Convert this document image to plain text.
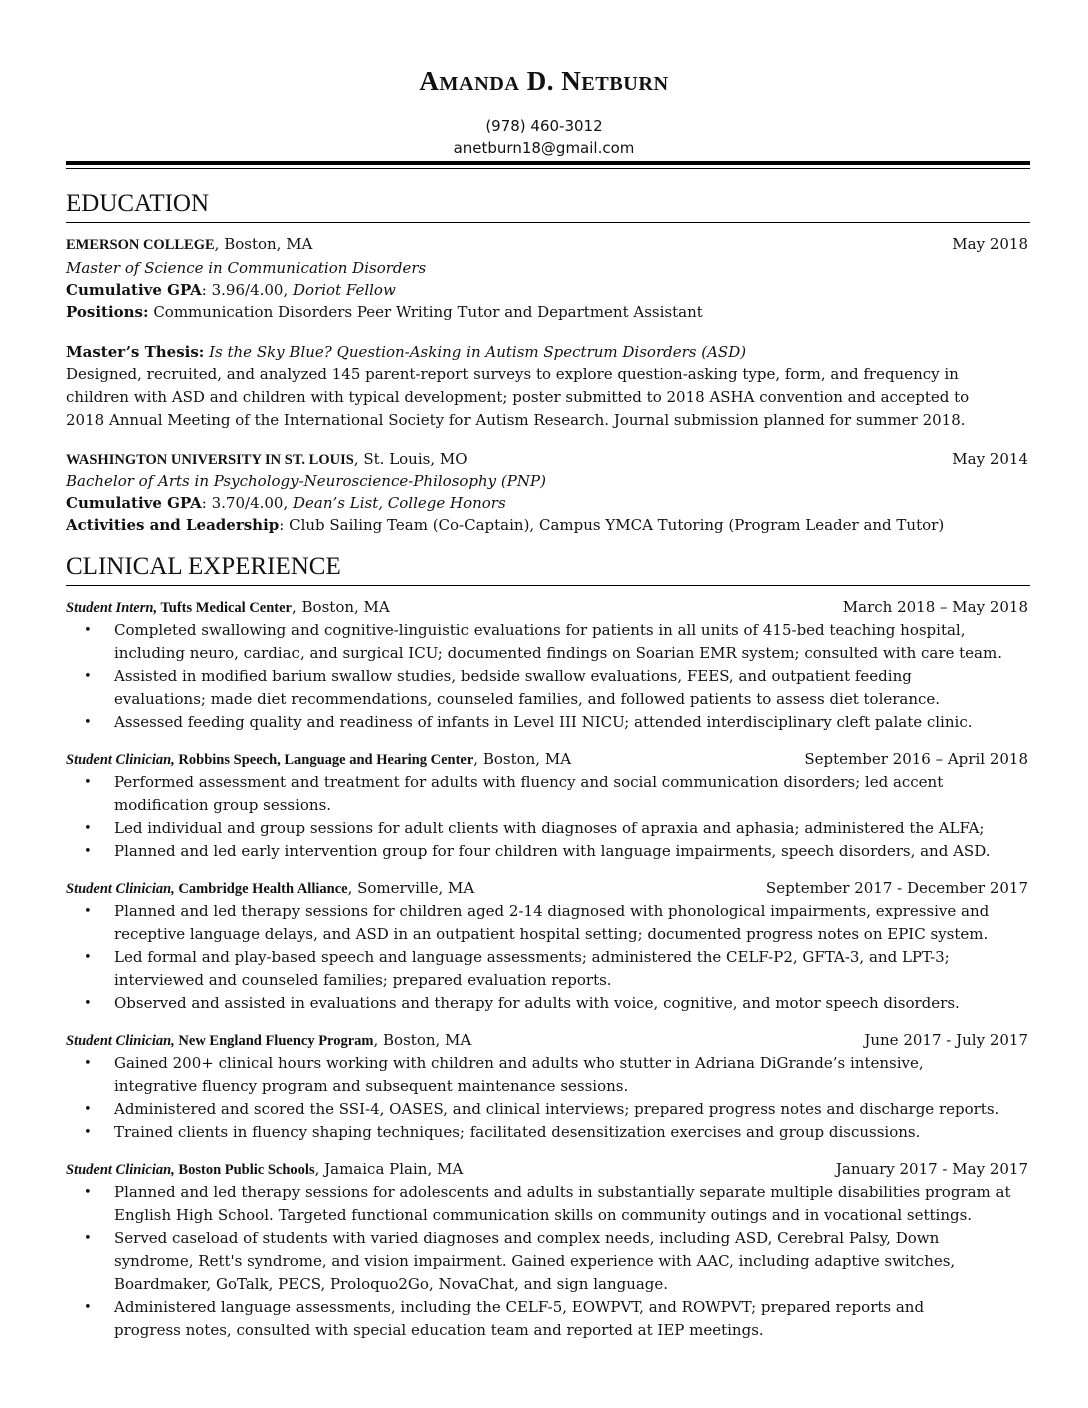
AMANDA D. NETBURN
(978) 460-3012
anetburn18@gmail.com
EDUCATION
EMERSON COLLEGE, Boston, MA	May 2018
Master of Science in Communication Disorders
Cumulative GPA: 3.96/4.00, Doriot Fellow
Positions: Communication Disorders Peer Writing Tutor and Department Assistant
Master’s Thesis: Is the Sky Blue? Question-Asking in Autism Spectrum Disorders (ASD)
Designed, recruited, and analyzed 145 parent-report surveys to explore question-asking type, form, and frequency in
children with ASD and children with typical development; poster submitted to 2018 ASHA convention and accepted to
2018 Annual Meeting of the International Society for Autism Research. Journal submission planned for summer 2018.
WASHINGTON UNIVERSITY IN ST. LOUIS, St. Louis, MO	May 2014
Bachelor of Arts in Psychology-Neuroscience-Philosophy (PNP)
Cumulative GPA: 3.70/4.00, Dean’s List, College Honors
Activities and Leadership: Club Sailing Team (Co-Captain), Campus YMCA Tutoring (Program Leader and Tutor)
CLINICAL EXPERIENCE
Student Intern, Tufts Medical Center, Boston, MA	March 2018 – May 2018
• Completed swallowing and cognitive-linguistic evaluations for patients in all units of 415-bed teaching hospital,
including neuro, cardiac, and surgical ICU; documented findings on Soarian EMR system; consulted with care team.
• Assisted in modified barium swallow studies, bedside swallow evaluations, FEES, and outpatient feeding
evaluations; made diet recommendations, counseled families, and followed patients to assess diet tolerance.
• Assessed feeding quality and readiness of infants in Level III NICU; attended interdisciplinary cleft palate clinic.
Student Clinician, Robbins Speech, Language and Hearing Center, Boston, MA	September 2016 – April 2018
• Performed assessment and treatment for adults with fluency and social communication disorders; led accent
modification group sessions.
• Led individual and group sessions for adult clients with diagnoses of apraxia and aphasia; administered the ALFA;
• Planned and led early intervention group for four children with language impairments, speech disorders, and ASD.
Student Clinician, Cambridge Health Alliance, Somerville, MA	September 2017 - December 2017
• Planned and led therapy sessions for children aged 2-14 diagnosed with phonological impairments, expressive and
receptive language delays, and ASD in an outpatient hospital setting; documented progress notes on EPIC system.
• Led formal and play-based speech and language assessments; administered the CELF-P2, GFTA-3, and LPT-3;
interviewed and counseled families; prepared evaluation reports.
• Observed and assisted in evaluations and therapy for adults with voice, cognitive, and motor speech disorders.
Student Clinician, New England Fluency Program, Boston, MA	June 2017 - July 2017
• Gained 200+ clinical hours working with children and adults who stutter in Adriana DiGrande’s intensive,
integrative fluency program and subsequent maintenance sessions.
• Administered and scored the SSI-4, OASES, and clinical interviews; prepared progress notes and discharge reports.
• Trained clients in fluency shaping techniques; facilitated desensitization exercises and group discussions.
Student Clinician, Boston Public Schools, Jamaica Plain, MA	January 2017 - May 2017
• Planned and led therapy sessions for adolescents and adults in substantially separate multiple disabilities program at
English High School. Targeted functional communication skills on community outings and in vocational settings.
• Served caseload of students with varied diagnoses and complex needs, including ASD, Cerebral Palsy, Down
syndrome, Rett's syndrome, and vision impairment. Gained experience with AAC, including adaptive switches,
Boardmaker, GoTalk, PECS, Proloquo2Go, NovaChat, and sign language.
• Administered language assessments, including the CELF-5, EOWPVT, and ROWPVT; prepared reports and
progress notes, consulted with special education team and reported at IEP meetings.
